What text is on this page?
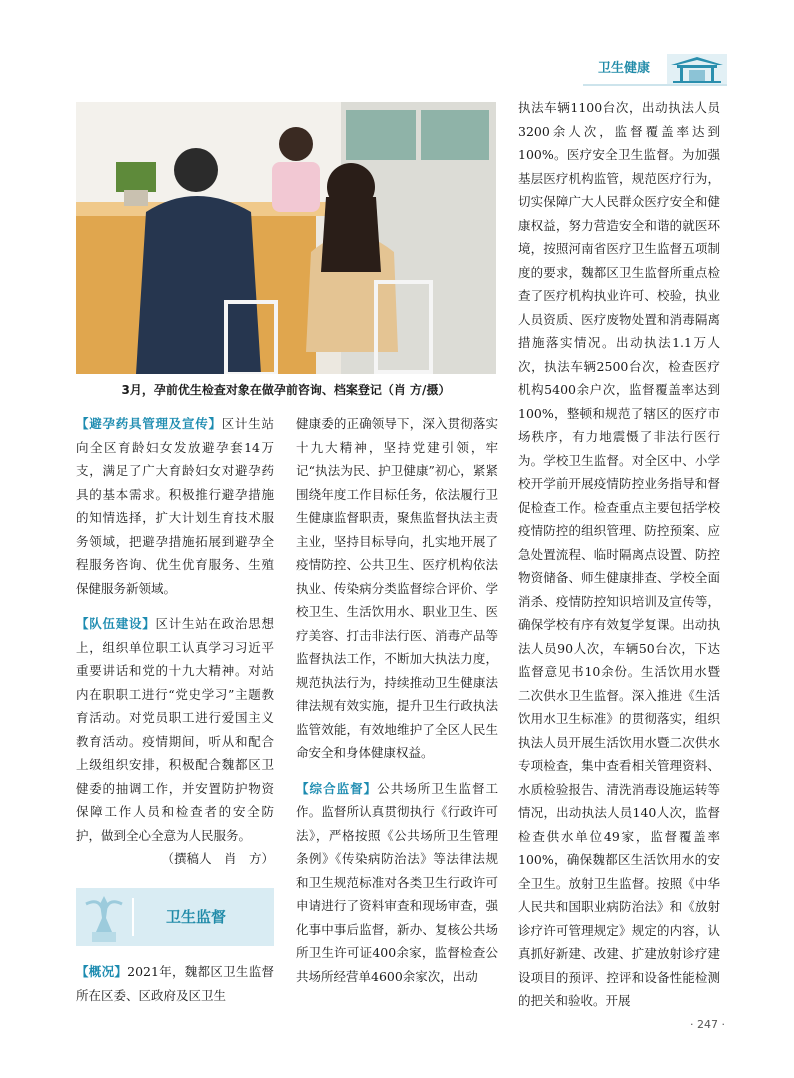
卫生健康
3月，孕前优生检查对象在做孕前咨询、档案登记（肖 方/摄）

【避孕药具管理及宣传】区计生站向全区育龄妇女发放避孕套14万支，满足了广大育龄妇女对避孕药具的基本需求。积极推行避孕措施的知情选择，扩大计划生育技术服务领域，把避孕措施拓展到避孕全程服务咨询、优生优育服务、生殖保健服务新领域。

【队伍建设】区计生站在政治思想上，组织单位职工认真学习习近平重要讲话和党的十九大精神。对站内在职职工进行“党史学习”主题教育活动。对党员职工进行爱国主义教育活动。疫情期间，听从和配合上级组织安排，积极配合魏都区卫健委的抽调工作，并安置防护物资保障工作人员和检查者的安全防护，做到全心全意为人民服务。

（撰稿人　肖　方）

卫生监督

【概况】2021年，魏都区卫生监督所在区委、区政府及区卫生

健康委的正确领导下，深入贯彻落实十九大精神，坚持党建引领，牢记“执法为民、护卫健康”初心，紧紧围绕年度工作目标任务，依法履行卫生健康监督职责，聚焦监督执法主责主业，坚持目标导向，扎实地开展了疫情防控、公共卫生、医疗机构依法执业、传染病分类监督综合评价、学校卫生、生活饮用水、职业卫生、医疗美容、打击非法行医、消毒产品等监督执法工作，不断加大执法力度，规范执法行为，持续推动卫生健康法律法规有效实施，提升卫生行政执法监管效能，有效地维护了全区人民生命安全和身体健康权益。

【综合监督】公共场所卫生监督工作。监督所认真贯彻执行《行政许可法》，严格按照《公共场所卫生管理条例》《传染病防治法》等法律法规和卫生规范标准对各类卫生行政许可申请进行了资料审查和现场审查，强化事中事后监督，新办、复核公共场所卫生许可证400余家，监督检查公共场所经营单4600余家次，出动

执法车辆1100台次，出动执法人员3200余人次，监督覆盖率达到100%。医疗安全卫生监督。为加强基层医疗机构监管，规范医疗行为，切实保障广大人民群众医疗安全和健康权益，努力营造安全和谐的就医环境，按照河南省医疗卫生监督五项制度的要求，魏都区卫生监督所重点检查了医疗机构执业许可、校验，执业人员资质、医疗废物处置和消毒隔离措施落实情况。出动执法1.1万人次，执法车辆2500台次，检查医疗机构5400余户次，监督覆盖率达到100%，整顿和规范了辖区的医疗市场秩序，有力地震慑了非法行医行为。学校卫生监督。对全区中、小学校开学前开展疫情防控业务指导和督促检查工作。检查重点主要包括学校疫情防控的组织管理、防控预案、应急处置流程、临时隔离点设置、防控物资储备、师生健康排查、学校全面消杀、疫情防控知识培训及宣传等，确保学校有序有效复学复课。出动执法人员90人次，车辆50台次，下达监督意见书10余份。生活饮用水暨二次供水卫生监督。深入推进《生活饮用水卫生标准》的贯彻落实，组织执法人员开展生活饮用水暨二次供水专项检查，集中查看相关管理资料、水质检验报告、清洗消毒设施运转等情况，出动执法人员140人次，监督检查供水单位49家，监督覆盖率100%，确保魏都区生活饮用水的安全卫生。放射卫生监督。按照《中华人民共和国职业病防治法》和《放射诊疗许可管理规定》规定的内容，认真抓好新建、改建、扩建放射诊疗建设项目的预评、控评和设备性能检测的把关和验收。开展

· 247 ·
